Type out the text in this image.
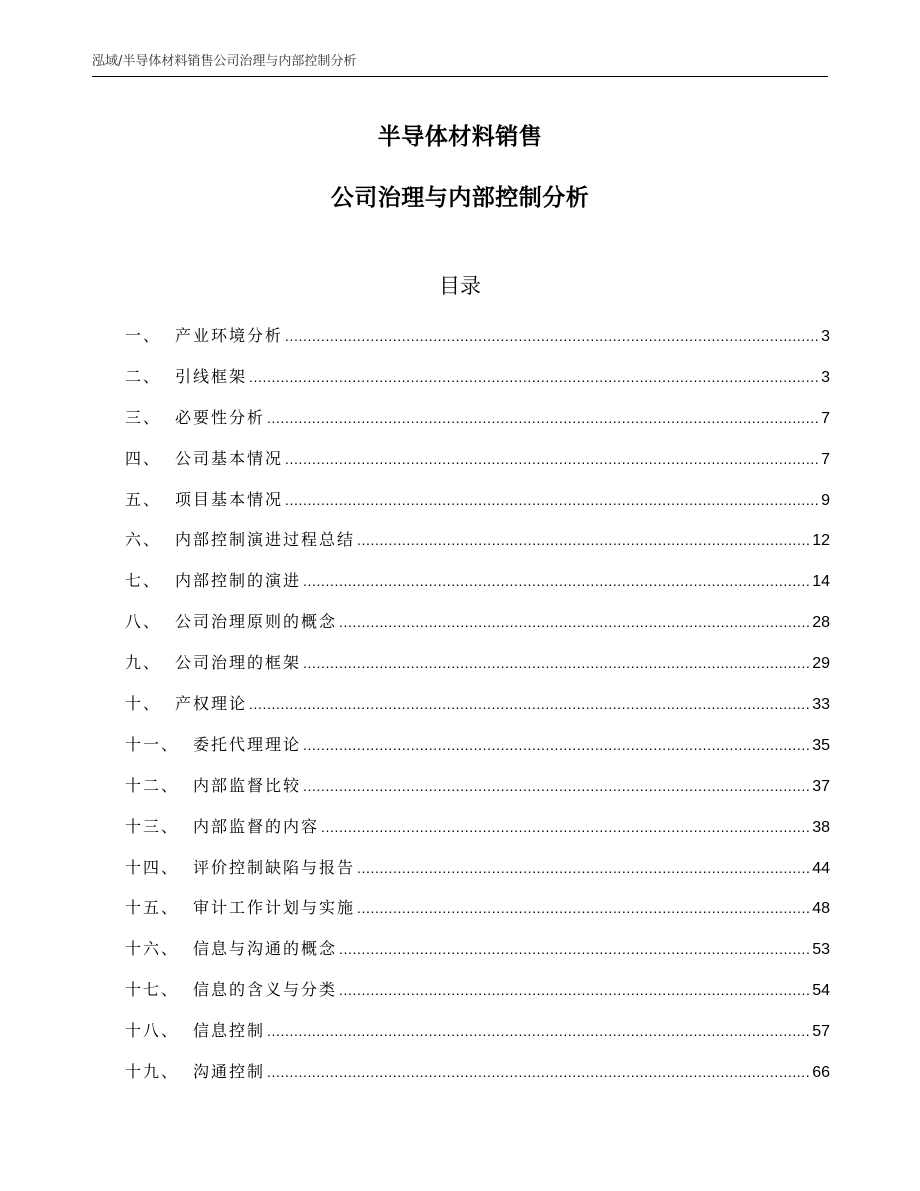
泓域/半导体材料销售公司治理与内部控制分析
半导体材料销售
公司治理与内部控制分析
目录
一、 产业环境分析 .....	3
二、 引线框架 .....	3
三、 必要性分析 .....	7
四、 公司基本情况 .....	7
五、 项目基本情况 .....	9
六、 内部控制演进过程总结 .....	12
七、 内部控制的演进 .....	14
八、 公司治理原则的概念 .....	28
九、 公司治理的框架 .....	29
十、 产权理论 .....	33
十一、 委托代理理论 .....	35
十二、 内部监督比较 .....	37
十三、 内部监督的内容 .....	38
十四、 评价控制缺陷与报告 .....	44
十五、 审计工作计划与实施 .....	48
十六、 信息与沟通的概念 .....	53
十七、 信息的含义与分类 .....	54
十八、 信息控制 .....	57
十九、 沟通控制 .....	66
